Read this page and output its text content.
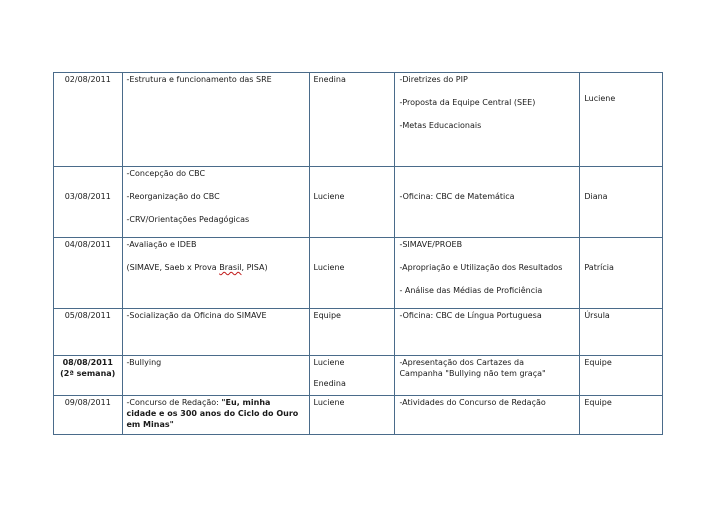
02/08/2011	-Estrutura e funcionamento das SRE	Enedina	-Diretrizes do PIP
-Proposta da Equipe Central (SEE)
-Metas Educacionais	Luciene

03/08/2011	-Concepção do CBC
-Reorganização do CBC
-CRV/Orientações Pedagógicas	Luciene	-Oficina: CBC de Matemática	Diana

04/08/2011	-Avaliação e IDEB
(SIMAVE, Saeb x Prova Brasil, PISA)	Luciene	-SIMAVE/PROEB
-Apropriação e Utilização dos Resultados
- Análise das Médias de Proficiência	Patrícia

05/08/2011	-Socialização da Oficina do SIMAVE	Equipe	-Oficina: CBC de Língua Portuguesa	Úrsula

08/08/2011
(2ª semana)	-Bullying	Luciene
Enedina	-Apresentação dos Cartazes da
Campanha "Bullying não tem graça"	Equipe

09/08/2011	-Concurso de Redação: "Eu, minha
cidade e os 300 anos do Ciclo do Ouro
em Minas"	Luciene	-Atividades do Concurso de Redação	Equipe
